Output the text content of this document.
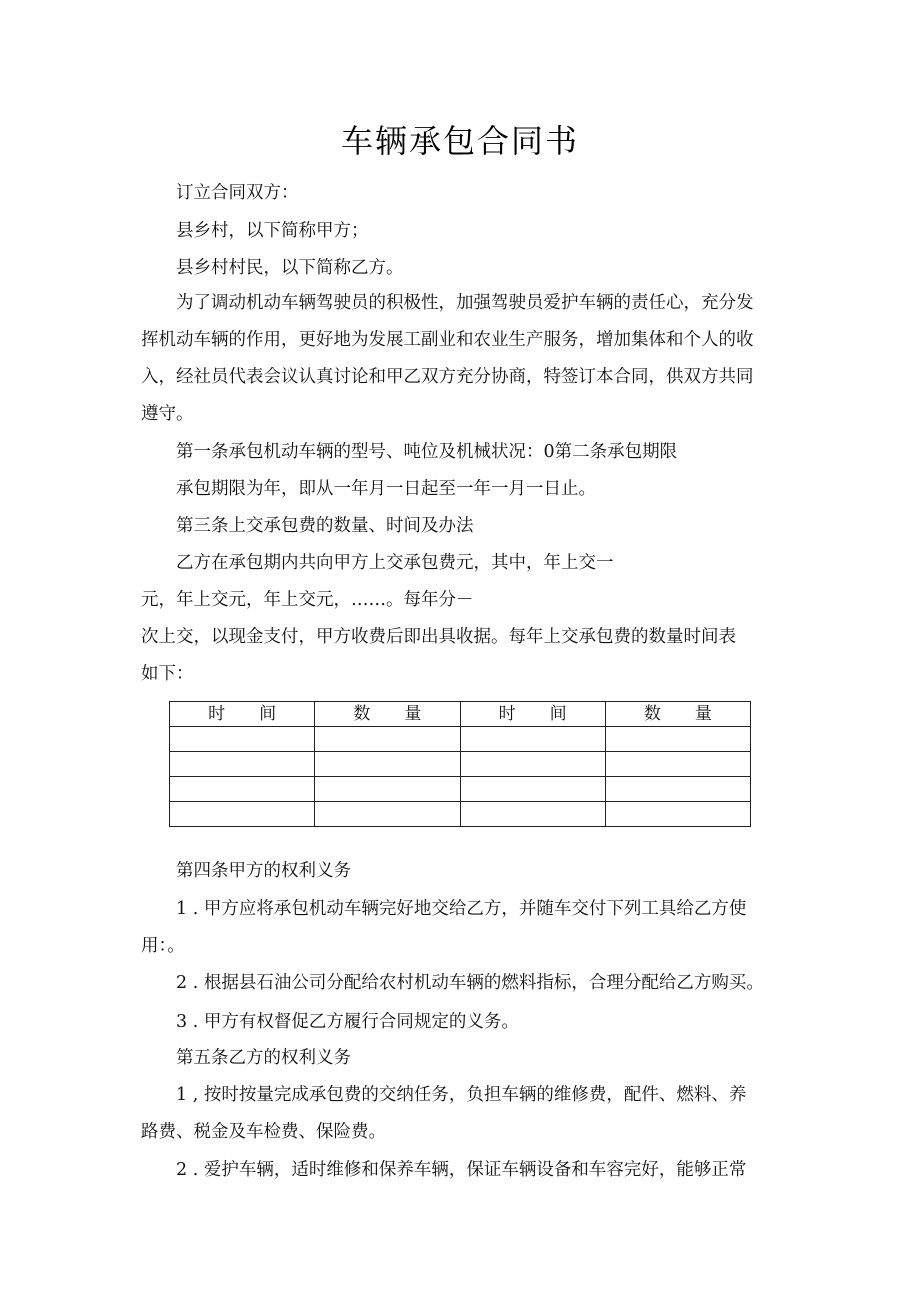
车辆承包合同书
订立合同双方：
县乡村，以下简称甲方；
县乡村村民，以下简称乙方。
为了调动机动车辆驾驶员的积极性，加强驾驶员爱护车辆的责任心，充分发
挥机动车辆的作用，更好地为发展工副业和农业生产服务，增加集体和个人的收
入，经社员代表会议认真讨论和甲乙双方充分协商，特签订本合同，供双方共同
遵守。
第一条承包机动车辆的型号、吨位及机械状况：0第二条承包期限
承包期限为年，即从一年月一日起至一年一月一日止。
第三条上交承包费的数量、时间及办法
乙方在承包期内共向甲方上交承包费元，其中，年上交一
元，年上交元，年上交元，……。每年分－
次上交，以现金支付，甲方收费后即出具收据。每年上交承包费的数量时间表
如下：
时　　间	数　　量	时　　间	数　　量

第四条甲方的权利义务
1 . 甲方应将承包机动车辆完好地交给乙方，并随车交付下列工具给乙方使
用：。
2 . 根据县石油公司分配给农村机动车辆的燃料指标，合理分配给乙方购买。
3 . 甲方有权督促乙方履行合同规定的义务。
第五条乙方的权利义务
1 , 按时按量完成承包费的交纳任务，负担车辆的维修费，配件、燃料、养
路费、税金及车检费、保险费。
2 . 爱护车辆，适时维修和保养车辆，保证车辆设备和车容完好，能够正常
